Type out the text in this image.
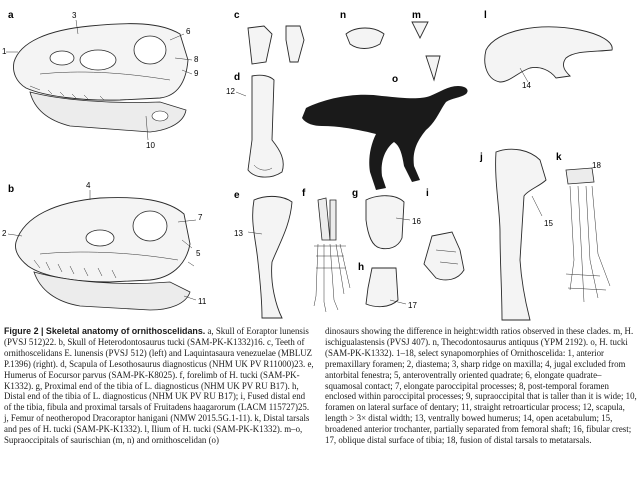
a
b
c
d
e	f	g
h
i
j	k
l
m
n
o
1
2
3
4
5
6
7
8
9
10
11
12
13
14
15
16
17
18
Figure 2 | Skeletal anatomy of ornithoscelidans. a, Skull of Eoraptor lunensis (PVSJ 512)22. b, Skull of Heterodontosaurus tucki (SAM-PK-K1332)16. c, Teeth of ornithoscelidans E. lunensis (PVSJ 512) (left) and Laquintasaura venezuelae (MBLUZ P.1396) (right). d, Scapula of Lesothosaurus diagnosticus (NHM UK PV R11000)23. e, Humerus of Eocursor parvus (SAM-PK-K8025). f, forelimb of H. tucki (SAM-PK-K1332). g, Proximal end of the tibia of L. diagnosticus (NHM UK PV RU B17). h, Distal end of the tibia of L. diagnosticus (NHM UK PV RU B17); i, Fused distal end of the tibia, fibula and proximal tarsals of Fruitadens haagarorum (LACM 115727)25. j, Femur of neotheropod Dracoraptor hanigani (NMW 2015.5G.1-11). k, Distal tarsals and pes of H. tucki (SAM-PK-K1332). l, Ilium of H. tucki (SAM-PK-K1332). m–o, Supraoccipitals of saurischian (m, n) and ornithoscelidan (o)
dinosaurs showing the difference in height:width ratios observed in these clades. m, H. ischigualastensis (PVSJ 407). n, Thecodontosaurus antiquus (YPM 2192). o, H. tucki (SAM-PK-K1332). 1–18, select synapomorphies of Ornithoscelida: 1, anterior premaxillary foramen; 2, diastema; 3, sharp ridge on maxilla; 4, jugal excluded from antorbital fenestra; 5, anteroventrally oriented quadrate; 6, elongate quadrate–squamosal contact; 7, elongate paroccipital processes; 8, post-temporal foramen enclosed within paroccipital processes; 9, supraoccipital that is taller than it is wide; 10, foramen on lateral surface of dentary; 11, straight retroarticular process; 12, scapula, length > 3× distal width; 13, ventrally bowed humerus; 14, open acetabulum; 15, broadened anterior trochanter, partially separated from femoral shaft; 16, fibular crest; 17, oblique distal surface of tibia; 18, fusion of distal tarsals to metatarsals.
